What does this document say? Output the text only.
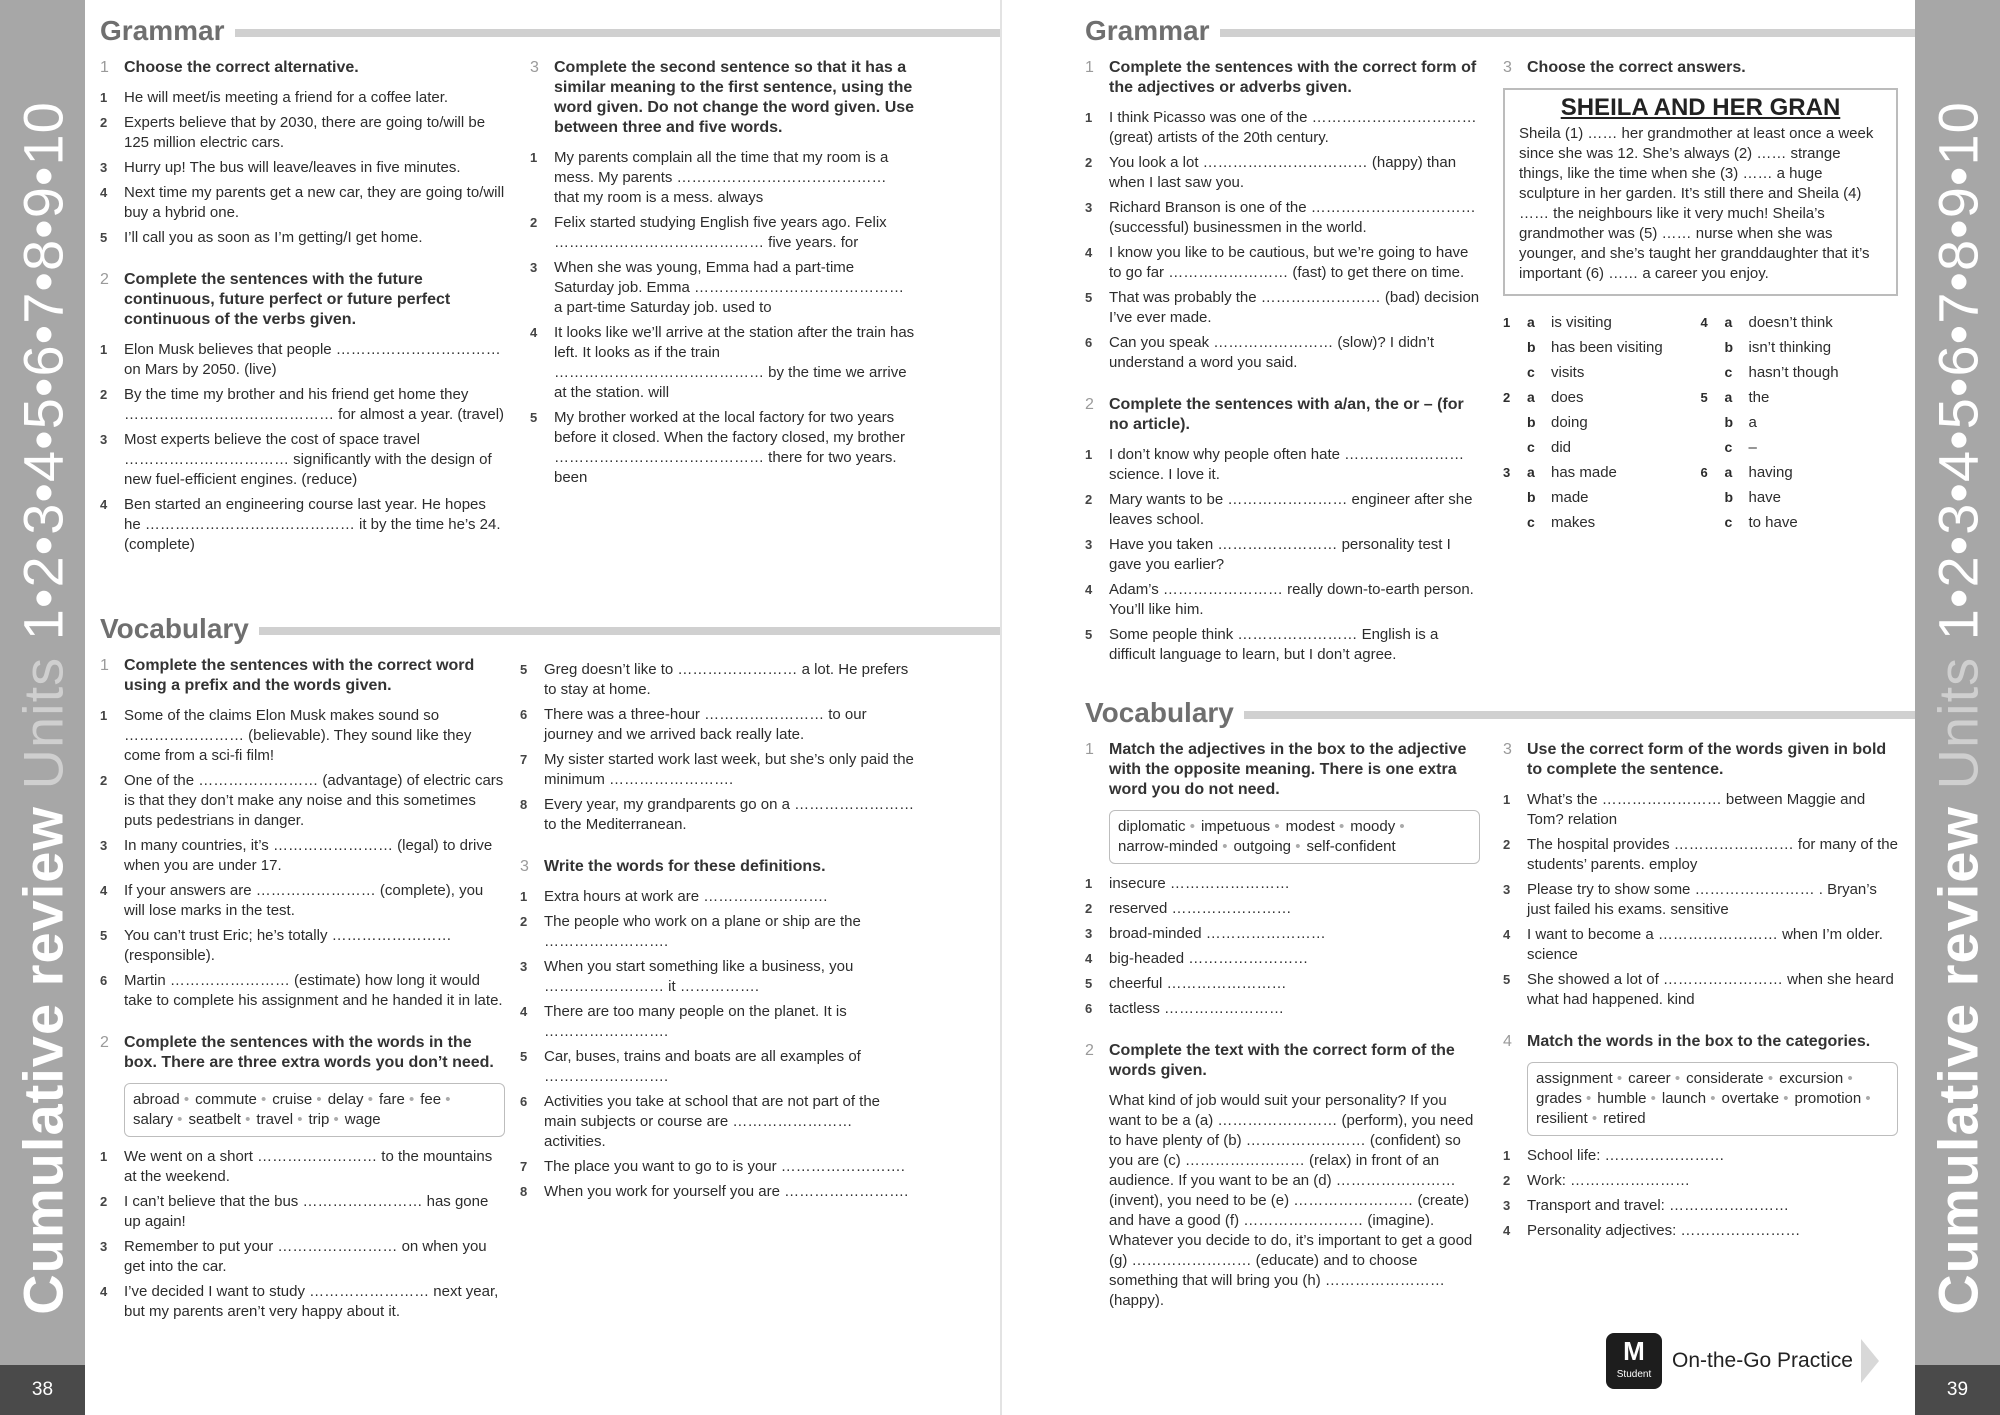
Cumulative review Units 1•2•3•4•5•6•7•8•9•10
38
Cumulative review Units 1•2•3•4•5•6•7•8•9•10
39
Grammar
1 Choose the correct alternative.
1	He will meet/is meeting a friend for a coffee later.
2	Experts believe that by 2030, there are going to/will be 125 million electric cars.
3	Hurry up! The bus will leave/leaves in five minutes.
4	Next time my parents get a new car, they are going to/will buy a hybrid one.
5	I’ll call you as soon as I’m getting/I get home.
2 Complete the sentences with the future continuous, future perfect or future perfect continuous of the verbs given.
1	Elon Musk believes that people …………………………… on Mars by 2050. (live)
2	By the time my brother and his friend get home they …………………………………… for almost a year. (travel)
3	Most experts believe the cost of space travel …………………………… significantly with the design of new fuel-efficient engines. (reduce)
4	Ben started an engineering course last year. He hopes he …………………………………… it by the time he’s 24. (complete)
3 Complete the second sentence so that it has a similar meaning to the first sentence, using the word given. Do not change the word given. Use between three and five words.
1	My parents complain all the time that my room is a mess. My parents …………………………………… that my room is a mess. always
2	Felix started studying English five years ago. Felix …………………………………… five years. for
3	When she was young, Emma had a part-time Saturday job. Emma …………………………………… a part-time Saturday job. used to
4	It looks like we’ll arrive at the station after the train has left. It looks as if the train …………………………………… by the time we arrive at the station. will
5	My brother worked at the local factory for two years before it closed. When the factory closed, my brother …………………………………… there for two years. been
Vocabulary
1 Complete the sentences with the correct word using a prefix and the words given.
1	Some of the claims Elon Musk makes sound so …………………… (believable). They sound like they come from a sci-fi film!
2	One of the …………………… (advantage) of electric cars is that they don’t make any noise and this sometimes puts pedestrians in danger.
3	In many countries, it’s …………………… (legal) to drive when you are under 17.
4	If your answers are …………………… (complete), you will lose marks in the test.
5	You can’t trust Eric; he’s totally …………………… (responsible).
6	Martin …………………… (estimate) how long it would take to complete his assignment and he handed it in late.
2 Complete the sentences with the words in the box. There are three extra words you don’t need.
abroad •	commute •	cruise •	delay •	fare •	fee •
salary •	seatbelt •	travel •	trip •	wage
1	We went on a short …………………… to the mountains at the weekend.
2	I can’t believe that the bus …………………… has gone up again!
3	Remember to put your …………………… on when you get into the car.
4	I’ve decided I want to study …………………… next year, but my parents aren’t very happy about it.
5	Greg doesn’t like to …………………… a lot. He prefers to stay at home.
6	There was a three-hour …………………… to our journey and we arrived back really late.
7	My sister started work last week, but she’s only paid the minimum …………………….
8	Every year, my grandparents go on a …………………… to the Mediterranean.
3 Write the words for these definitions.
1	Extra hours at work are …………………….
2	The people who work on a plane or ship are the …………………….
3	When you start something like a business, you …………………… it …………….
4	There are too many people on the planet. It is …………………….
5	Car, buses, trains and boats are all examples of …………………….
6	Activities you take at school that are not part of the main subjects or course are …………………… activities.
7	The place you want to go to is your …………………….
8	When you work for yourself you are …………………….
Grammar
1 Complete the sentences with the correct form of the adjectives or adverbs given.
1	I think Picasso was one of the …………………………… (great) artists of the 20th century.
2	You look a lot …………………………… (happy) than when I last saw you.
3	Richard Branson is one of the …………………………… (successful) businessmen in the world.
4	I know you like to be cautious, but we’re going to have to go far …………………… (fast) to get there on time.
5	That was probably the …………………… (bad) decision I’ve ever made.
6	Can you speak …………………… (slow)? I didn’t understand a word you said.
2 Complete the sentences with a/an, the or – (for no article).
1	I don’t know why people often hate …………………… science. I love it.
2	Mary wants to be …………………… engineer after she leaves school.
3	Have you taken …………………… personality test I gave you earlier?
4	Adam’s …………………… really down-to-earth person. You’ll like him.
5	Some people think …………………… English is a difficult language to learn, but I don’t agree.
3 Choose the correct answers.
SHEILA AND HER GRAN
Sheila (1) …… her grandmother at least once a week since she was 12. She’s always (2) …… strange things, like the time when she (3) …… a huge sculpture in her garden. It’s still there and Sheila (4) …… the neighbours like it very much! Sheila’s grandmother was (5) …… nurse when she was younger, and she’s taught her granddaughter that it’s important (6) …… a career you enjoy.
1	a	is visiting
b	has been visiting
c	visits
2	a	does
b	doing
c	did
3	a	has made
b	made
c	makes
4	a	doesn’t think
b	isn’t thinking
c	hasn’t though
5	a	the
b	a
c	–
6	a	having
b	have
c	to have
Vocabulary
1 Match the adjectives in the box to the adjective with the opposite meaning. There is one extra word you do not need.
diplomatic •	impetuous •	modest •	moody •
narrow-minded •	outgoing •	self-confident
1	insecure ……………………
2	reserved ……………………
3	broad-minded ……………………
4	big-headed ……………………
5	cheerful ……………………
6	tactless ……………………
2 Complete the text with the correct form of the words given.
What kind of job would suit your personality? If you want to be a (a) …………………… (perform), you need to have plenty of (b) …………………… (confident) so you are (c) …………………… (relax) in front of an audience. If you want to be an (d) …………………… (invent), you need to be (e) …………………… (create) and have a good (f) …………………… (imagine). Whatever you decide to do, it’s important to get a good (g) …………………… (educate) and to choose something that will bring you (h) …………………… (happy).
3 Use the correct form of the words given in bold to complete the sentence.
1	What’s the …………………… between Maggie and Tom? relation
2	The hospital provides …………………… for many of the students’ parents. employ
3	Please try to show some …………………… . Bryan’s just failed his exams. sensitive
4	I want to become a …………………… when I’m older. science
5	She showed a lot of …………………… when she heard what had happened. kind
4 Match the words in the box to the categories.
assignment •	career •	considerate •	excursion •
grades •	humble •	launch •	overtake •	promotion •
resilient •	retired
1	School life: ……………………
2	Work: ……………………
3	Transport and travel: ……………………
4	Personality adjectives: ……………………
M
Student
On-the-Go Practice
